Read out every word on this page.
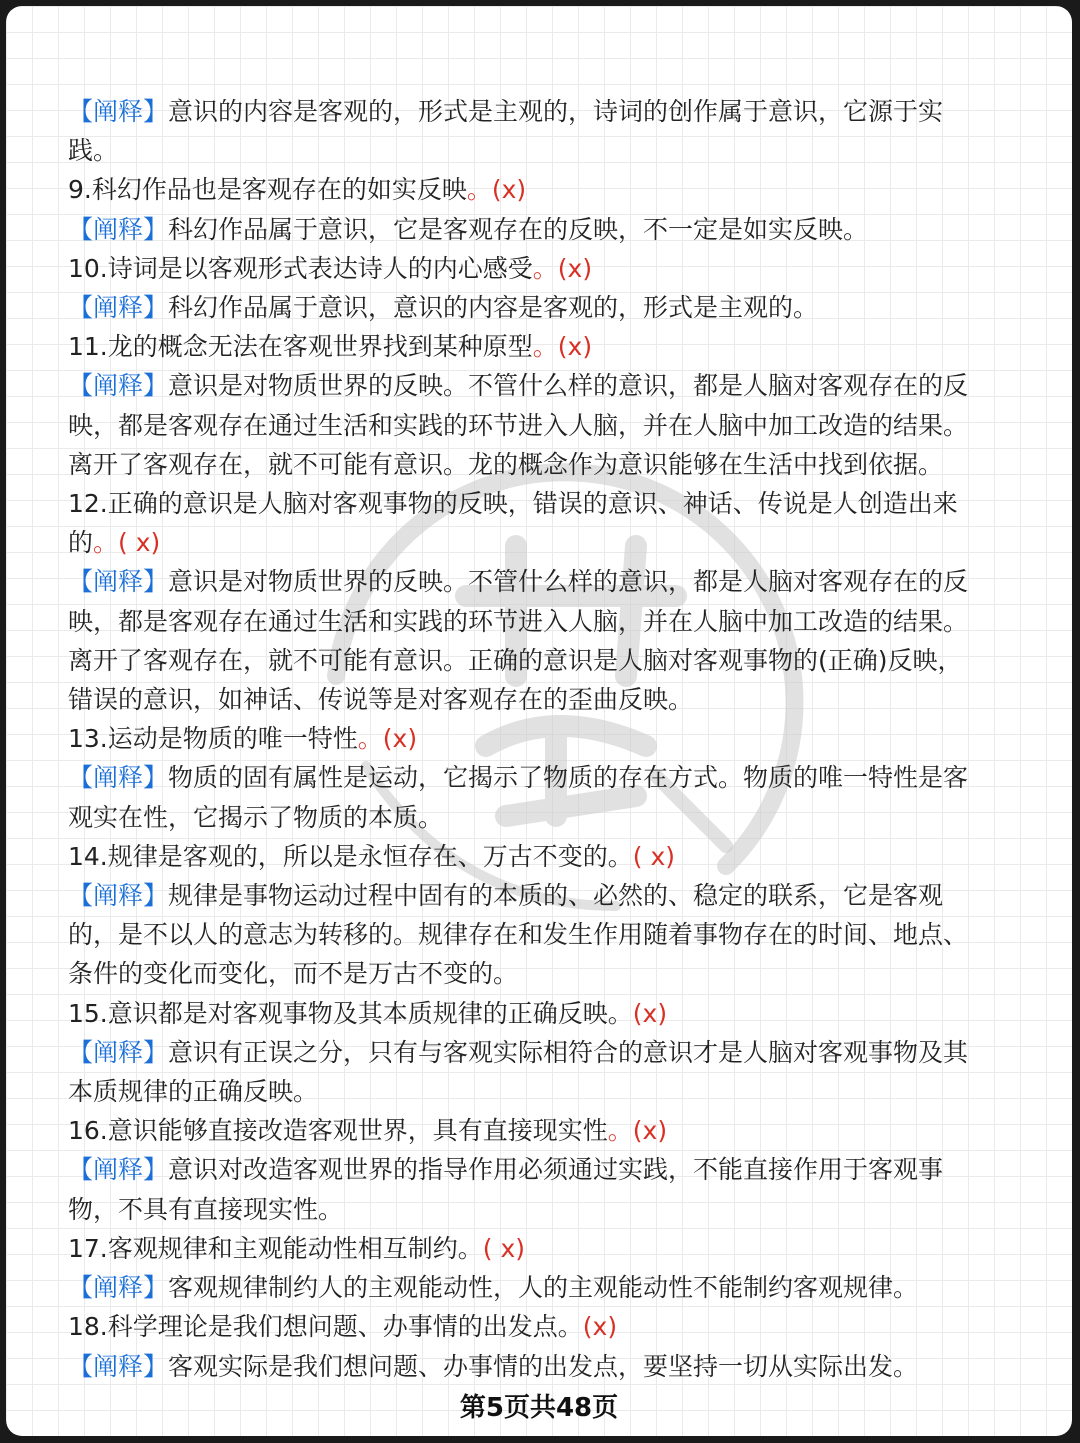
【阐释】意识的内容是客观的，形式是主观的，诗词的创作属于意识，它源于实
践。
9.科幻作品也是客观存在的如实反映。(x)
【阐释】科幻作品属于意识，它是客观存在的反映，不一定是如实反映。
10.诗词是以客观形式表达诗人的内心感受。(x)
【阐释】科幻作品属于意识，意识的内容是客观的，形式是主观的。
11.龙的概念无法在客观世界找到某种原型。(x)
【阐释】意识是对物质世界的反映。不管什么样的意识，都是人脑对客观存在的反
映，都是客观存在通过生活和实践的环节进入人脑，并在人脑中加工改造的结果。
离开了客观存在，就不可能有意识。龙的概念作为意识能够在生活中找到依据。
12.正确的意识是人脑对客观事物的反映，错误的意识、神话、传说是人创造出来
的。( x)
【阐释】意识是对物质世界的反映。不管什么样的意识，都是人脑对客观存在的反
映，都是客观存在通过生活和实践的环节进入人脑，并在人脑中加工改造的结果。
离开了客观存在，就不可能有意识。正确的意识是人脑对客观事物的(正确)反映，
错误的意识，如神话、传说等是对客观存在的歪曲反映。
13.运动是物质的唯一特性。(x)
【阐释】物质的固有属性是运动，它揭示了物质的存在方式。物质的唯一特性是客
观实在性，它揭示了物质的本质。
14.规律是客观的，所以是永恒存在、万古不变的。( x)
【阐释】规律是事物运动过程中固有的本质的、必然的、稳定的联系，它是客观
的，是不以人的意志为转移的。规律存在和发生作用随着事物存在的时间、地点、
条件的变化而变化，而不是万古不变的。
15.意识都是对客观事物及其本质规律的正确反映。(x)
【阐释】意识有正误之分，只有与客观实际相符合的意识才是人脑对客观事物及其
本质规律的正确反映。
16.意识能够直接改造客观世界，具有直接现实性。(x)
【阐释】意识对改造客观世界的指导作用必须通过实践，不能直接作用于客观事
物，不具有直接现实性。
17.客观规律和主观能动性相互制约。( x)
【阐释】客观规律制约人的主观能动性，人的主观能动性不能制约客观规律。
18.科学理论是我们想问题、办事情的出发点。(x)
【阐释】客观实际是我们想问题、办事情的出发点，要坚持一切从实际出发。
第5页共48页
